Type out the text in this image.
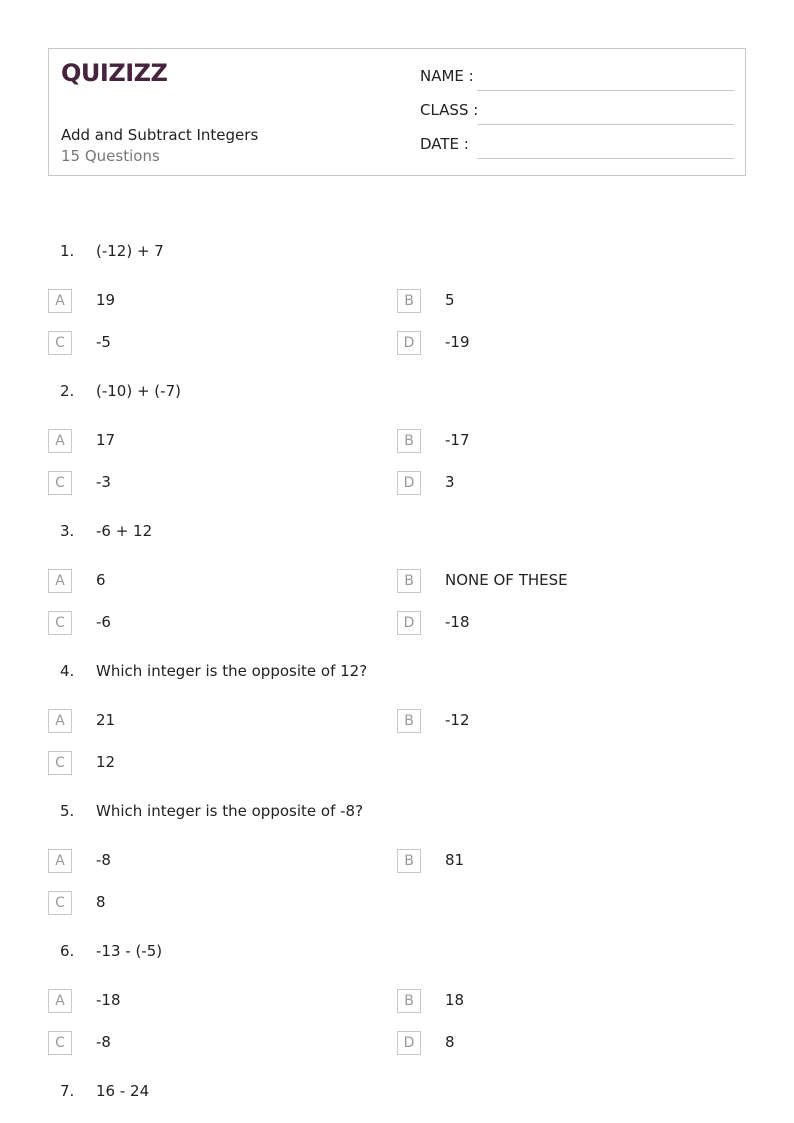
QUIZIZZ
Add and Subtract Integers
15 Questions
NAME :
CLASS :
DATE :
1. (-12) + 7
A	19	B	5
C	-5	D	-19
2. (-10) + (-7)
A	17	B	-17
C	-3	D	3
3. -6 + 12
A	6	B	NONE OF THESE
C	-6	D	-18
4. Which integer is the opposite of 12?
A	21	B	-12
C	12
5. Which integer is the opposite of -8?
A	-8	B	81
C	8
6. -13 - (-5)
A	-18	B	18
C	-8	D	8
7. 16 - 24
